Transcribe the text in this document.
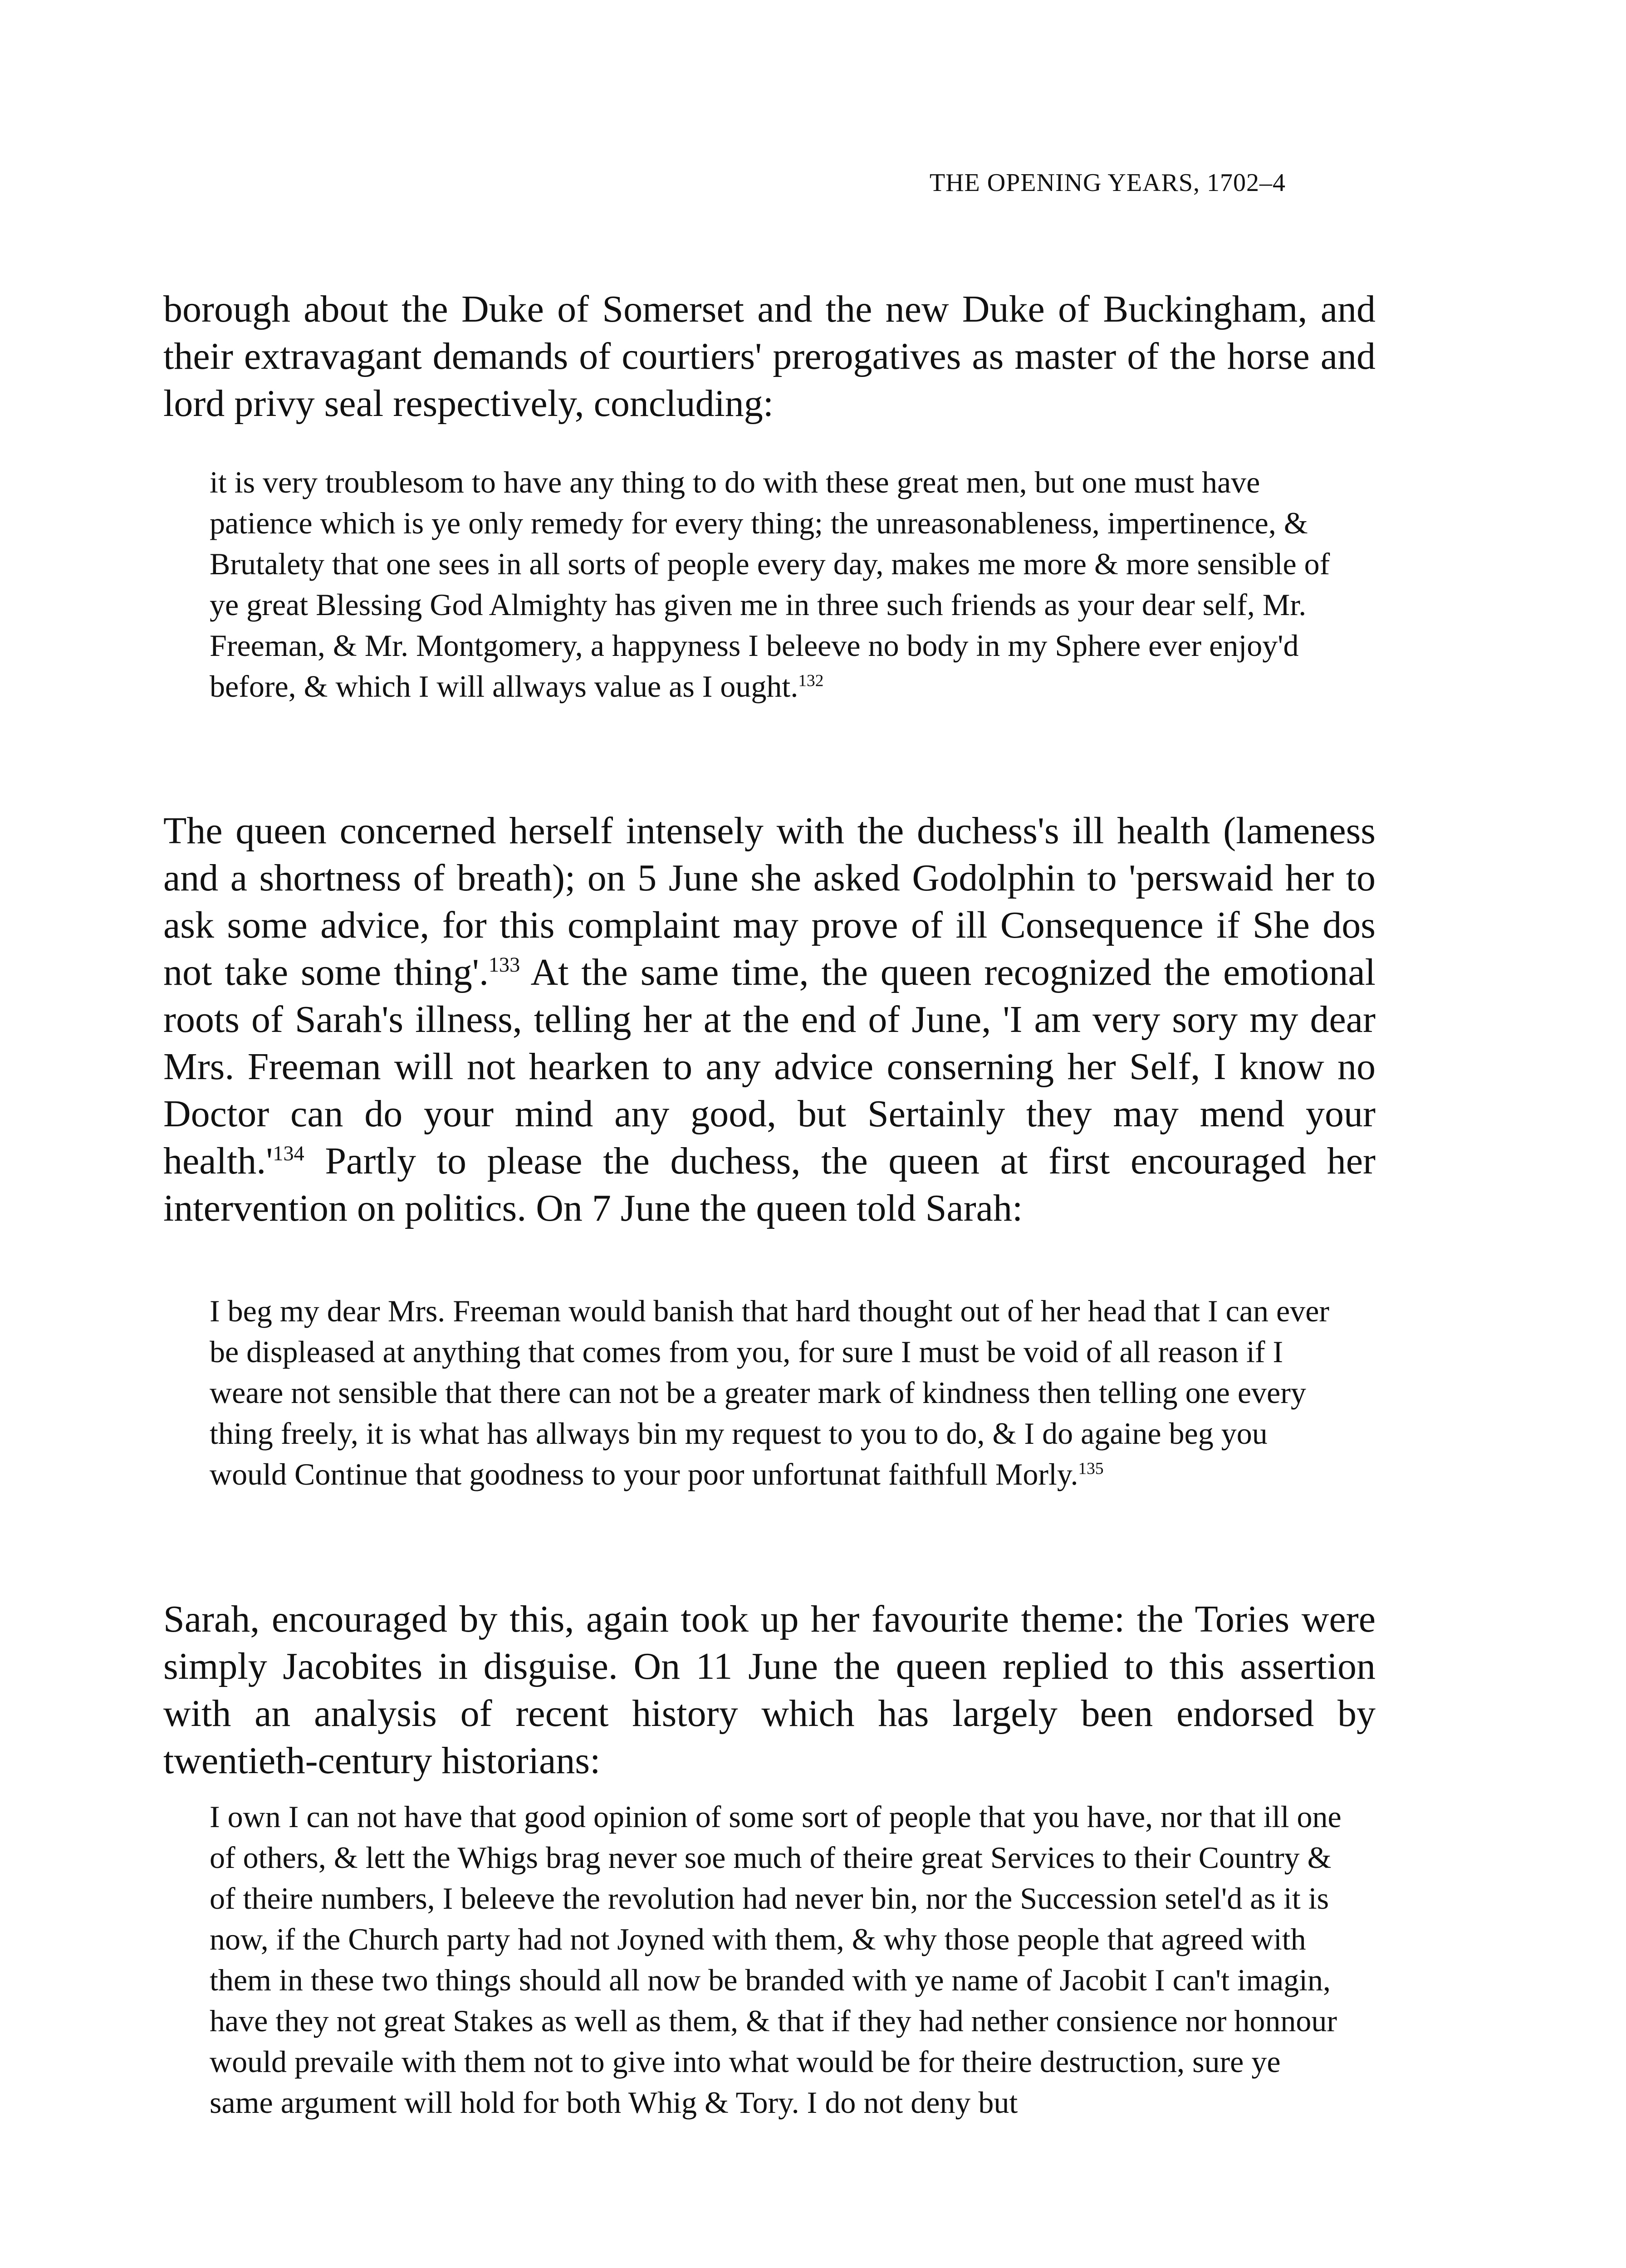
THE OPENING YEARS, 1702–4

borough about the Duke of Somerset and the new Duke of Buckingham, and their extravagant demands of courtiers' prerogatives as master of the horse and lord privy seal respectively, concluding:

it is very troublesom to have any thing to do with these great men, but one must have patience which is ye only remedy for every thing; the unreasonableness, impertinence, & Brutalety that one sees in all sorts of people every day, makes me more & more sensible of ye great Blessing God Almighty has given me in three such friends as your dear self, Mr. Freeman, & Mr. Montgomery, a happyness I beleeve no body in my Sphere ever enjoy'd before, & which I will allways value as I ought.$^{132}$

The queen concerned herself intensely with the duchess's ill health (lameness and a shortness of breath); on 5 June she asked Godolphin to 'perswaid her to ask some advice, for this complaint may prove of ill Consequence if She dos not take some thing'.$^{133}$ At the same time, the queen recognized the emotional roots of Sarah's illness, telling her at the end of June, 'I am very sory my dear Mrs. Freeman will not hearken to any advice conserning her Self, I know no Doctor can do your mind any good, but Sertainly they may mend your health.'$^{134}$ Partly to please the duchess, the queen at first encouraged her intervention on politics. On 7 June the queen told Sarah:

I beg my dear Mrs. Freeman would banish that hard thought out of her head that I can ever be displeased at anything that comes from you, for sure I must be void of all reason if I weare not sensible that there can not be a greater mark of kindness then telling one every thing freely, it is what has allways bin my request to you to do, & I do againe beg you would Continue that goodness to your poor unfortunat faithfull Morly.$^{135}$

Sarah, encouraged by this, again took up her favourite theme: the Tories were simply Jacobites in disguise. On 11 June the queen replied to this assertion with an analysis of recent history which has largely been endorsed by twentieth-century historians:

I own I can not have that good opinion of some sort of people that you have, nor that ill one of others, & lett the Whigs brag never soe much of theire great Services to their Country & of theire numbers, I beleeve the revolution had never bin, nor the Succession setel'd as it is now, if the Church party had not Joyned with them, & why those people that agreed with them in these two things should all now be branded with ye name of Jacobit I can't imagin, have they not great Stakes as well as them, & that if they had nether consience nor honnour would prevaile with them not to give into what would be for theire destruction, sure ye same argument will hold for both Whig & Tory. I do not deny but
